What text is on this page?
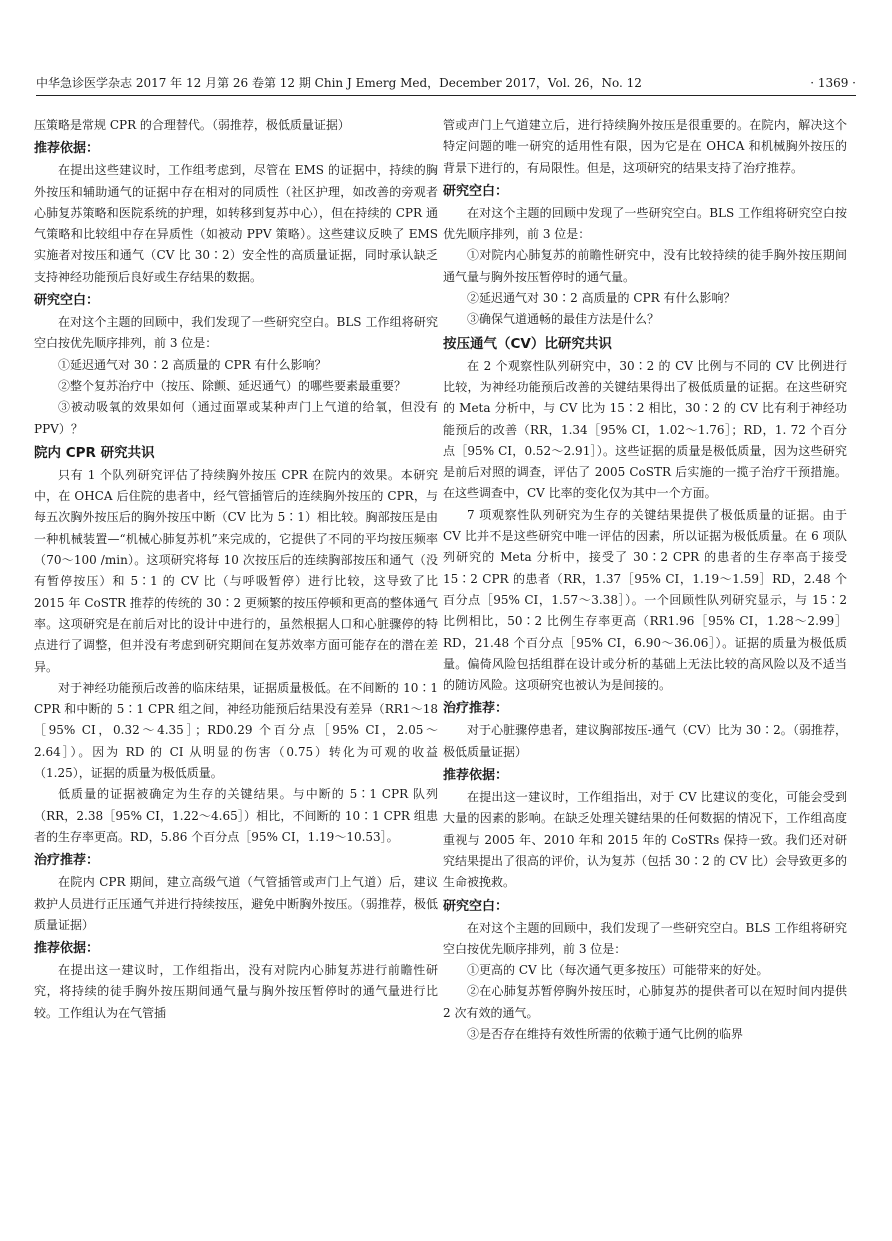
中华急诊医学杂志 2017 年 12 月第 26 卷第 12 期 Chin J Emerg Med，December 2017，Vol. 26，No. 12	· 1369 ·

压策略是常规 CPR 的合理替代。（弱推荐，极低质量证据）

推荐依据：

在提出这些建议时，工作组考虑到，尽管在 EMS 的证据中，持续的胸外按压和辅助通气的证据中存在相对的同质性（社区护理，如改善的旁观者心肺复苏策略和医院系统的护理，如转移到复苏中心），但在持续的 CPR 通气策略和比较组中存在异质性（如被动 PPV 策略）。这些建议反映了 EMS 实施者对按压和通气（CV 比 30∶2）安全性的高质量证据，同时承认缺乏支持神经功能预后良好或生存结果的数据。

研究空白：

在对这个主题的回顾中，我们发现了一些研究空白。BLS 工作组将研究空白按优先顺序排列，前 3 位是：

①延迟通气对 30∶2 高质量的 CPR 有什么影响？

②整个复苏治疗中（按压、除颤、延迟通气）的哪些要素最重要？

③被动吸氧的效果如何（通过面罩或某种声门上气道的给氧，但没有 PPV）？

院内 CPR 研究共识

只有 1 个队列研究评估了持续胸外按压 CPR 在院内的效果。本研究中，在 OHCA 后住院的患者中，经气管插管后的连续胸外按压的 CPR，与每五次胸外按压后的胸外按压中断（CV 比为 5∶1）相比较。胸部按压是由一种机械装置—“机械心肺复苏机”来完成的，它提供了不同的平均按压频率（70～100 /min）。这项研究将每 10 次按压后的连续胸部按压和通气（没有暂停按压）和 5∶1 的 CV 比（与呼吸暂停）进行比较，这导致了比 2015 年 CoSTR 推荐的传统的 30∶2 更频繁的按压停顿和更高的整体通气率。这项研究是在前后对比的设计中进行的，虽然根据人口和心脏骤停的特点进行了调整，但并没有考虑到研究期间在复苏效率方面可能存在的潜在差异。

对于神经功能预后改善的临床结果，证据质量极低。在不间断的 10∶1 CPR 和中断的 5∶1 CPR 组之间，神经功能预后结果没有差异（RR1～18［95% CI，0.32～4.35］；RD0.29 个百分点［95% CI，2.05～2.64］）。因为 RD 的 CI 从明显的伤害（0.75）转化为可观的收益（1.25），证据的质量为极低质量。

低质量的证据被确定为生存的关键结果。与中断的 5∶1 CPR 队列（RR，2.38［95% CI，1.22～4.65］）相比，不间断的 10∶1 CPR 组患者的生存率更高。RD，5.86 个百分点［95% CI，1.19～10.53］。

治疗推荐：

在院内 CPR 期间，建立高级气道（气管插管或声门上气道）后，建议救护人员进行正压通气并进行持续按压，避免中断胸外按压。（弱推荐，极低质量证据）

推荐依据：

在提出这一建议时，工作组指出，没有对院内心肺复苏进行前瞻性研究，将持续的徒手胸外按压期间通气量与胸外按压暂停时的通气量进行比较。工作组认为在气管插

管或声门上气道建立后，进行持续胸外按压是很重要的。在院内，解决这个特定问题的唯一研究的适用性有限，因为它是在 OHCA 和机械胸外按压的背景下进行的，有局限性。但是，这项研究的结果支持了治疗推荐。

研究空白：

在对这个主题的回顾中发现了一些研究空白。BLS 工作组将研究空白按优先顺序排列，前 3 位是：

①对院内心肺复苏的前瞻性研究中，没有比较持续的徒手胸外按压期间通气量与胸外按压暂停时的通气量。

②延迟通气对 30∶2 高质量的 CPR 有什么影响？

③确保气道通畅的最佳方法是什么？

按压通气（CV）比研究共识

在 2 个观察性队列研究中，30∶2 的 CV 比例与不同的 CV 比例进行比较，为神经功能预后改善的关键结果得出了极低质量的证据。在这些研究的 Meta 分析中，与 CV 比为 15∶2 相比，30∶2 的 CV 比有利于神经功能预后的改善（RR，1.34［95% CI，1.02～1.76］；RD，1. 72 个百分点［95% CI，0.52～2.91］）。这些证据的质量是极低质量，因为这些研究是前后对照的调查，评估了 2005 CoSTR 后实施的一揽子治疗干预措施。在这些调查中，CV 比率的变化仅为其中一个方面。

7 项观察性队列研究为生存的关键结果提供了极低质量的证据。由于 CV 比并不是这些研究中唯一评估的因素，所以证据为极低质量。在 6 项队列研究的 Meta 分析中，接受了 30∶2 CPR 的患者的生存率高于接受 15∶2 CPR 的患者（RR，1.37［95% CI，1.19～1.59］RD，2.48 个百分点［95% CI，1.57～3.38］）。一个回顾性队列研究显示，与 15∶2 比例相比，50∶2 比例生存率更高（RR1.96［95% CI，1.28～2.99］RD，21.48 个百分点［95% CI，6.90～36.06］）。证据的质量为极低质量。偏倚风险包括组群在设计或分析的基础上无法比较的高风险以及不适当的随访风险。这项研究也被认为是间接的。

治疗推荐：

对于心脏骤停患者，建议胸部按压-通气（CV）比为 30∶2。（弱推荐，极低质量证据）

推荐依据：

在提出这一建议时，工作组指出，对于 CV 比建议的变化，可能会受到大量的因素的影响。在缺乏处理关键结果的任何数据的情况下，工作组高度重视与 2005 年、2010 年和 2015 年的 CoSTRs 保持一致。我们还对研究结果提出了很高的评价，认为复苏（包括 30∶2 的 CV 比）会导致更多的生命被挽救。

研究空白：

在对这个主题的回顾中，我们发现了一些研究空白。BLS 工作组将研究空白按优先顺序排列，前 3 位是：

①更高的 CV 比（每次通气更多按压）可能带来的好处。

②在心肺复苏暂停胸外按压时，心肺复苏的提供者可以在短时间内提供 2 次有效的通气。

③是否存在维持有效性所需的依赖于通气比例的临界
